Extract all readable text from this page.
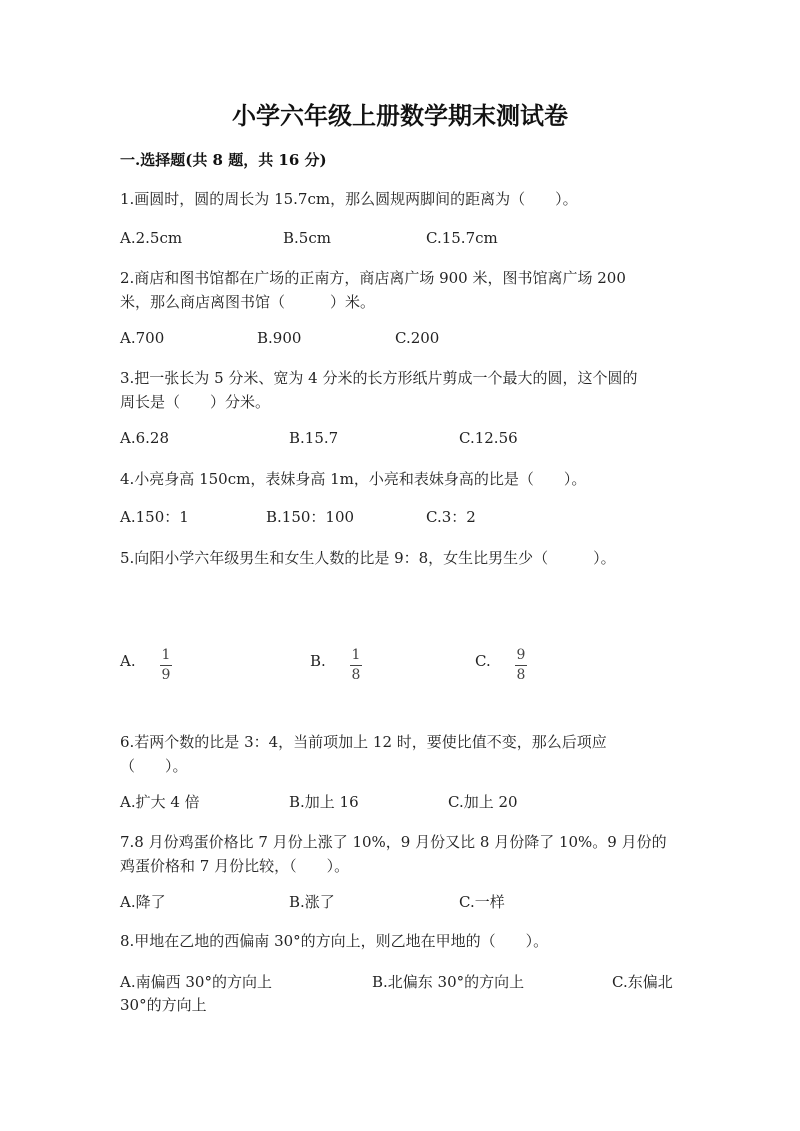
小学六年级上册数学期末测试卷
一.选择题(共 8 题，共 16 分)
1.画圆时，圆的周长为 15.7cm，那么圆规两脚间的距离为（　　）。
A.2.5cm	B.5cm	C.15.7cm
2.商店和图书馆都在广场的正南方，商店离广场 900 米，图书馆离广场 200
米，那么商店离图书馆（　　　）米。
A.700	B.900	C.200
3.把一张长为 5 分米、宽为 4 分米的长方形纸片剪成一个最大的圆，这个圆的
周长是（　　）分米。
A.6.28	B.15.7	C.12.56
4.小亮身高 150cm，表妹身高 1m，小亮和表妹身高的比是（　　）。
A.150：1	B.150：100	C.3：2
5.向阳小学六年级男生和女生人数的比是 9：8，女生比男生少（　　　）。
A. 1
9
B. 1
8
C. 9
8
6.若两个数的比是 3：4，当前项加上 12 时，要使比值不变，那么后项应
（　　）。
A.扩大 4 倍	B.加上 16	C.加上 20
7.8 月份鸡蛋价格比 7 月份上涨了 10%，9 月份又比 8 月份降了 10%。9 月份的
鸡蛋价格和 7 月份比较，（　　）。
A.降了	B.涨了	C.一样
8.甲地在乙地的西偏南 30°的方向上，则乙地在甲地的（　　）。
A.南偏西 30°的方向上	B.北偏东 30°的方向上	C.东偏北
30°的方向上
